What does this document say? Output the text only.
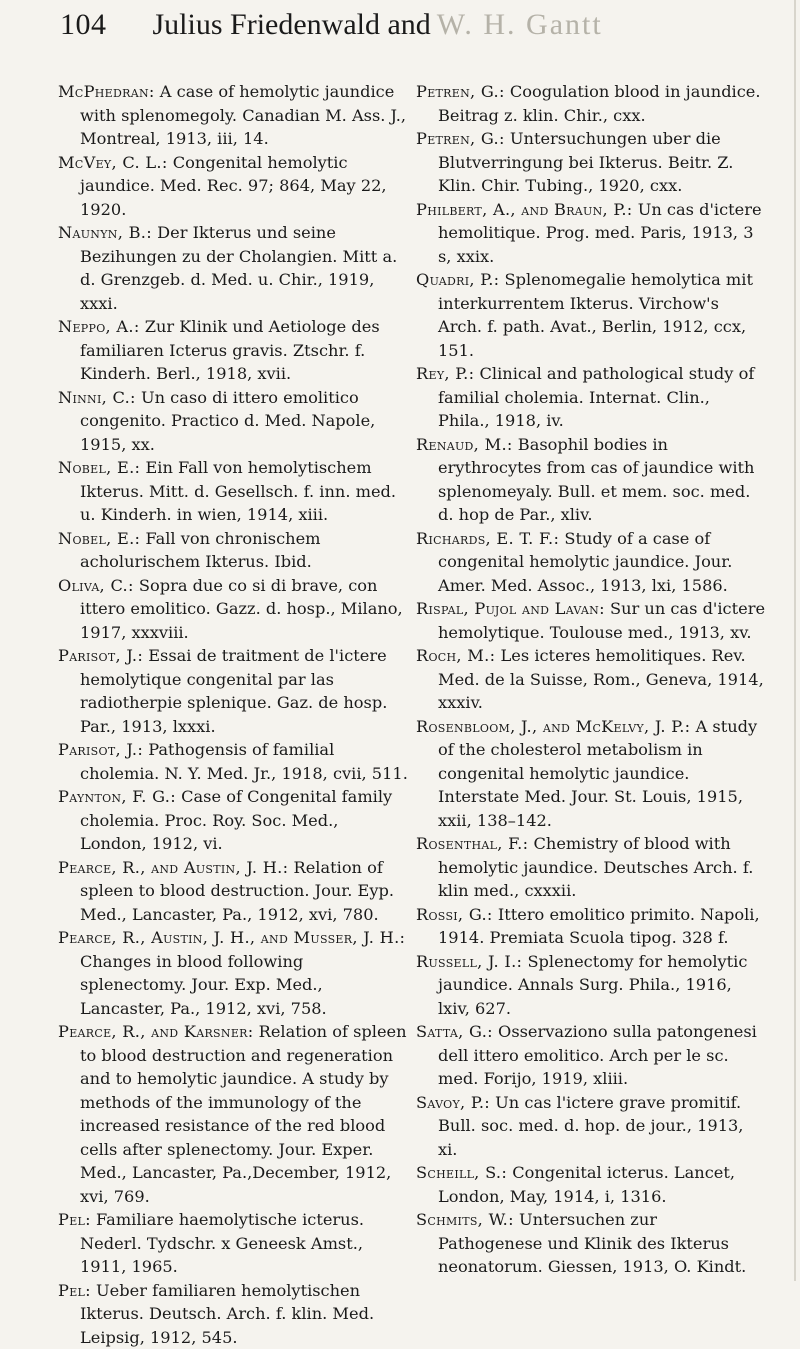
104 Julius Friedenwald and W. H. Gantt

McPhedran: A case of hemolytic jaundice with splenomegoly. Canadian M. Ass. J., Montreal, 1913, iii, 14.

McVey, C. L.: Congenital hemolytic jaundice. Med. Rec. 97; 864, May 22, 1920.

Naunyn, B.: Der Ikterus und seine Bezihungen zu der Cholangien. Mitt a. d. Grenzgeb. d. Med. u. Chir., 1919, xxxi.

Neppo, A.: Zur Klinik und Aetiologe des familiaren Icterus gravis. Ztschr. f. Kinderh. Berl., 1918, xvii.

Ninni, C.: Un caso di ittero emolitico congenito. Practico d. Med. Napole, 1915, xx.

Nobel, E.: Ein Fall von hemolytischem Ikterus. Mitt. d. Gesellsch. f. inn. med. u. Kinderh. in wien, 1914, xiii.

Nobel, E.: Fall von chronischem acholurischem Ikterus. Ibid.

Oliva, C.: Sopra due co si di brave, con ittero emolitico. Gazz. d. hosp., Milano, 1917, xxxviii.

Parisot, J.: Essai de traitment de l'ictere hemolytique congenital par las radiotherpie splenique. Gaz. de hosp. Par., 1913, lxxxi.

Parisot, J.: Pathogensis of familial cholemia. N. Y. Med. Jr., 1918, cvii, 511.

Paynton, F. G.: Case of Congenital family cholemia. Proc. Roy. Soc. Med., London, 1912, vi.

Pearce, R., and Austin, J. H.: Relation of spleen to blood destruction. Jour. Eyp. Med., Lancaster, Pa., 1912, xvi, 780.

Pearce, R., Austin, J. H., and Musser, J. H.: Changes in blood following splenectomy. Jour. Exp. Med., Lancaster, Pa., 1912, xvi, 758.

Pearce, R., and Karsner: Relation of spleen to blood destruction and regeneration and to hemolytic jaundice. A study by methods of the immunology of the increased resistance of the red blood cells after splenectomy. Jour. Exper. Med., Lancaster, Pa.,December, 1912, xvi, 769.

Pel: Familiare haemolytische icterus. Nederl. Tydschr. x Geneesk Amst., 1911, 1965.

Pel: Ueber familiaren hemolytischen Ikterus. Deutsch. Arch. f. klin. Med. Leipsig, 1912, 545.

Petren, G.: Coogulation blood in jaundice. Beitrag z. klin. Chir., cxx.

Petren, G.: Untersuchungen uber die Blutverringung bei Ikterus. Beitr. Z. Klin. Chir. Tubing., 1920, cxx.

Philbert, A., and Braun, P.: Un cas d'ictere hemolitique. Prog. med. Paris, 1913, 3 s, xxix.

Quadri, P.: Splenomegalie hemolytica mit interkurrentem Ikterus. Virchow's Arch. f. path. Avat., Berlin, 1912, ccx, 151.

Rey, P.: Clinical and pathological study of familial cholemia. Internat. Clin., Phila., 1918, iv.

Renaud, M.: Basophil bodies in erythrocytes from cas of jaundice with splenomeyaly. Bull. et mem. soc. med. d. hop de Par., xliv.

Richards, E. T. F.: Study of a case of congenital hemolytic jaundice. Jour. Amer. Med. Assoc., 1913, lxi, 1586.

Rispal, Pujol and Lavan: Sur un cas d'ictere hemolytique. Toulouse med., 1913, xv.

Roch, M.: Les icteres hemolitiques. Rev. Med. de la Suisse, Rom., Geneva, 1914, xxxiv.

Rosenbloom, J., and McKelvy, J. P.: A study of the cholesterol metabolism in congenital hemolytic jaundice. Interstate Med. Jour. St. Louis, 1915, xxii, 138–142.

Rosenthal, F.: Chemistry of blood with hemolytic jaundice. Deutsches Arch. f. klin med., cxxxii.

Rossi, G.: Ittero emolitico primito. Napoli, 1914. Premiata Scuola tipog. 328 f.

Russell, J. I.: Splenectomy for hemolytic jaundice. Annals Surg. Phila., 1916, lxiv, 627.

Satta, G.: Osservaziono sulla patongenesi dell ittero emolitico. Arch per le sc. med. Forijo, 1919, xliii.

Savoy, P.: Un cas l'ictere grave promitif. Bull. soc. med. d. hop. de jour., 1913, xi.

Scheill, S.: Congenital icterus. Lancet, London, May, 1914, i, 1316.

Schmits, W.: Untersuchen zur Pathogenese und Klinik des Ikterus neonatorum. Giessen, 1913, O. Kindt.
